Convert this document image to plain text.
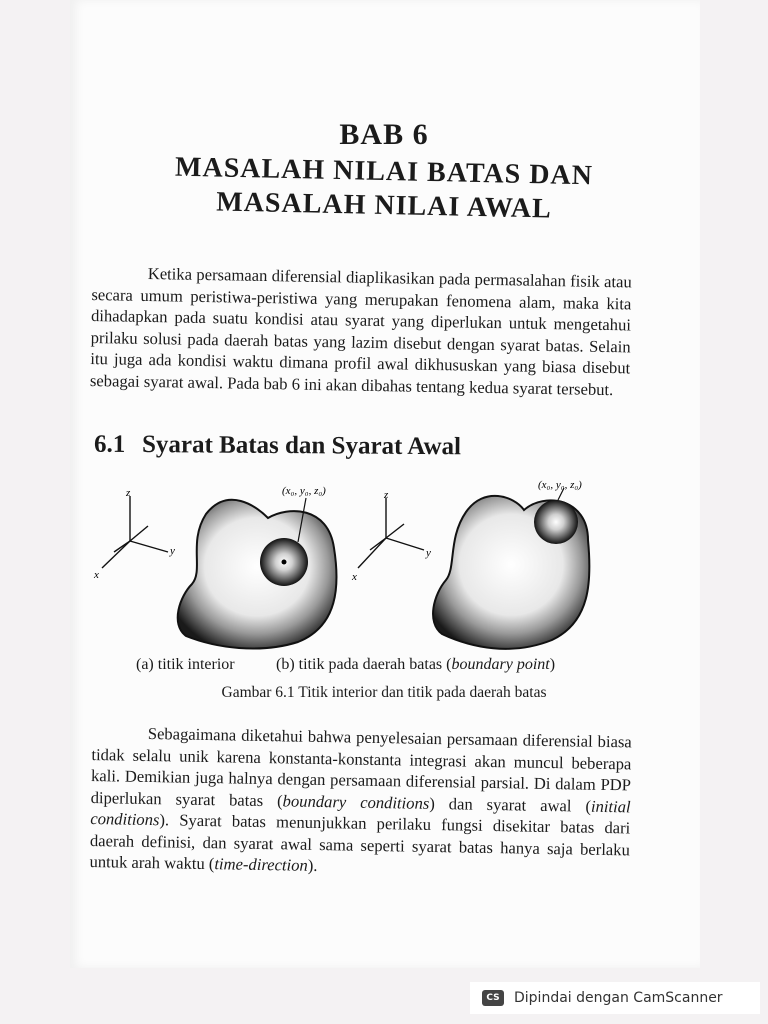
BAB 6
MASALAH NILAI BATAS DAN
MASALAH NILAI AWAL

Ketika persamaan diferensial diaplikasikan pada permasalahan fisik atau secara umum peristiwa-peristiwa yang merupakan fenomena alam, maka kita dihadapkan pada suatu kondisi atau syarat yang diperlukan untuk mengetahui prilaku solusi pada daerah batas yang lazim disebut dengan syarat batas. Selain itu juga ada kondisi waktu dimana profil awal dikhususkan yang biasa disebut sebagai syarat awal. Pada bab 6 ini akan dibahas tentang kedua syarat tersebut.

6.1 Syarat Batas dan Syarat Awal
z
y
x
(x₀, y₀, z₀)	z
y
x
(x₀, y₀, z₀)
(a) titik interior	(b) titik pada daerah batas (boundary point)
Gambar 6.1 Titik interior dan titik pada daerah batas

Sebagaimana diketahui bahwa penyelesaian persamaan diferensial biasa tidak selalu unik karena konstanta-konstanta integrasi akan muncul beberapa kali. Demikian juga halnya dengan persamaan diferensial parsial. Di dalam PDP diperlukan syarat batas (boundary conditions) dan syarat awal (initial conditions). Syarat batas menunjukkan perilaku fungsi disekitar batas dari daerah definisi, dan syarat awal sama seperti syarat batas hanya saja berlaku untuk arah waktu (time-direction).

CS	Dipindai dengan CamScanner
